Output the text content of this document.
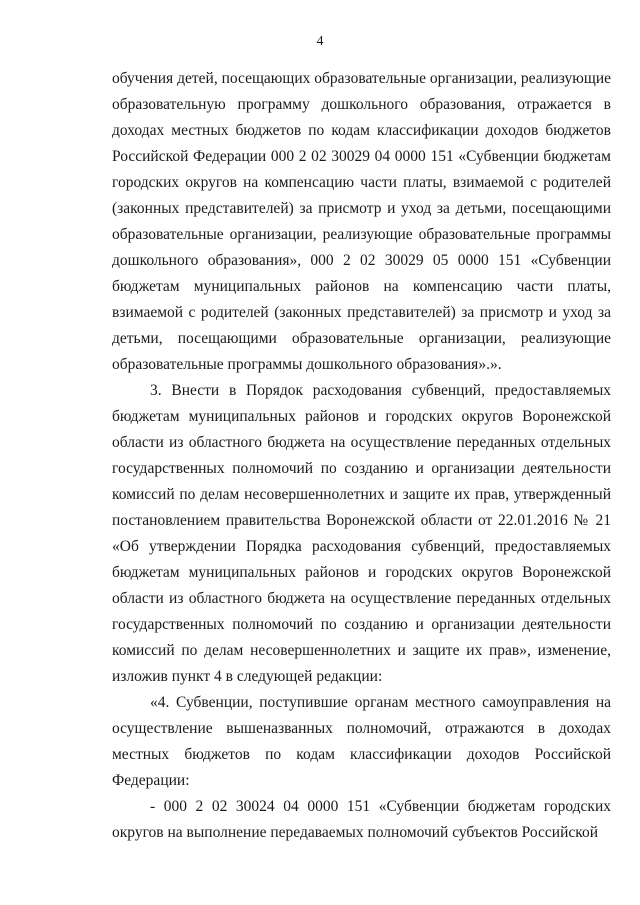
4

обучения детей, посещающих образовательные организации, реализующие образовательную программу дошкольного образования, отражается в доходах местных бюджетов по кодам классификации доходов бюджетов Российской Федерации 000 2 02 30029 04 0000 151 «Субвенции бюджетам городских округов на компенсацию части платы, взимаемой с родителей (законных представителей) за присмотр и уход за детьми, посещающими образовательные организации, реализующие образовательные программы дошкольного образования», 000 2 02 30029 05 0000 151 «Субвенции бюджетам муниципальных районов на компенсацию части платы, взимаемой с родителей (законных представителей) за присмотр и уход за детьми, посещающими образовательные организации, реализующие образовательные программы дошкольного образования».».

3. Внести в Порядок расходования субвенций, предоставляемых бюджетам муниципальных районов и городских округов Воронежской области из областного бюджета на осуществление переданных отдельных государственных полномочий по созданию и организации деятельности комиссий по делам несовершеннолетних и защите их прав, утвержденный постановлением правительства Воронежской области от 22.01.2016 № 21 «Об утверждении Порядка расходования субвенций, предоставляемых бюджетам муниципальных районов и городских округов Воронежской области из областного бюджета на осуществление переданных отдельных государственных полномочий по созданию и организации деятельности комиссий по делам несовершеннолетних и защите их прав», изменение, изложив пункт 4 в следующей редакции:

«4. Субвенции, поступившие органам местного самоуправления на осуществление вышеназванных полномочий, отражаются в доходах местных бюджетов по кодам классификации доходов Российской Федерации:

- 000 2 02 30024 04 0000 151 «Субвенции бюджетам городских округов на выполнение передаваемых полномочий субъектов Российской
